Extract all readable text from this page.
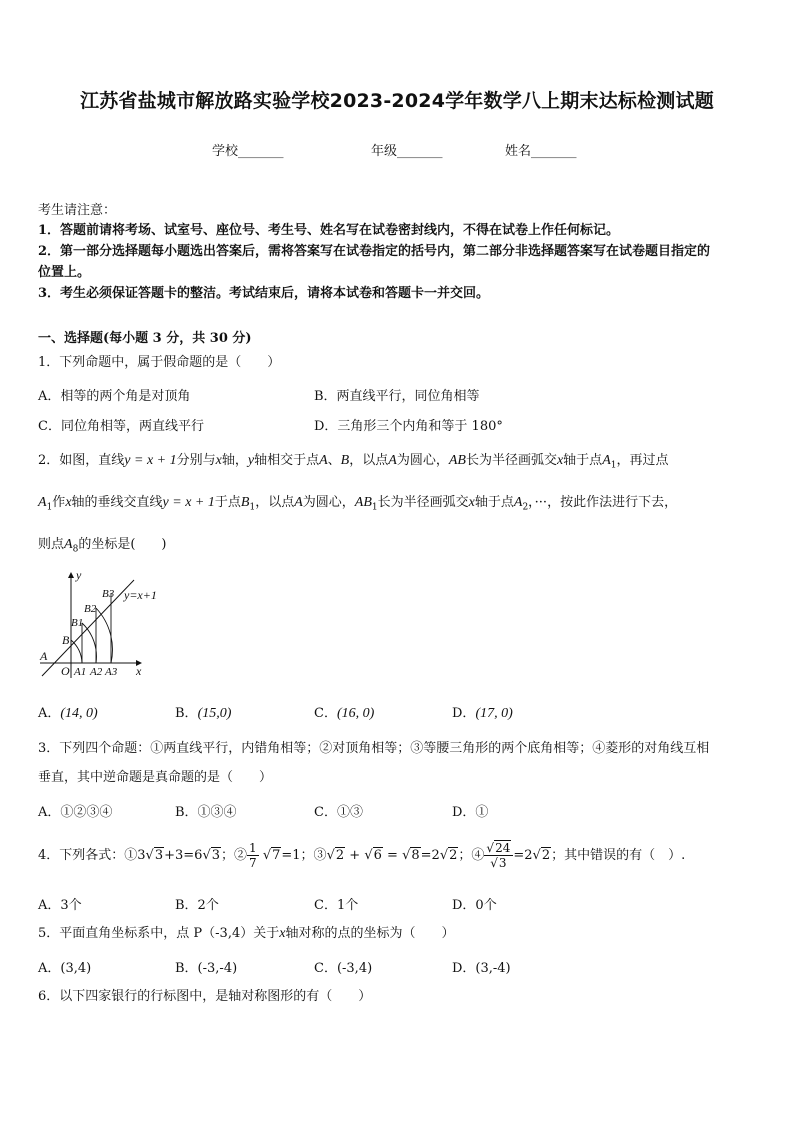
江苏省盐城市解放路实验学校2023-2024学年数学八上期末达标检测试题
学校_______	年级_______	姓名_______
考生请注意：
1．答题前请将考场、试室号、座位号、考生号、姓名写在试卷密封线内，不得在试卷上作任何标记。
2．第一部分选择题每小题选出答案后，需将答案写在试卷指定的括号内，第二部分非选择题答案写在试卷题目指定的
位置上。
3．考生必须保证答题卡的整洁。考试结束后，请将本试卷和答题卡一并交回。
一、选择题(每小题 3 分，共 30 分)
1．下列命题中，属于假命题的是（　　）
A．相等的两个角是对顶角	B．两直线平行，同位角相等
C．同位角相等，两直线平行	D．三角形三个内角和等于 180°
2．如图，直线y = x + 1分别与x轴，y轴相交于点A、B，以点A为圆心，AB长为半径画弧交x轴于点$A_1$，再过点
$A_1$作x轴的垂线交直线y = x + 1于点$B_1$，以点A为圆心，$AB_1$长为半径画弧交x轴于点$A_2$，···，按此作法进行下去，
则点$A_8$的坐标是(　　)
A
O
B
B1
B2
B3
A1 A2 A3 x
y
y=x+1
A．(14, 0)	B．(15,0)	C．(16, 0)	D．(17, 0)
3．下列四个命题：①两直线平行，内错角相等；②对顶角相等；③等腰三角形的两个底角相等；④菱形的对角线互相
垂直，其中逆命题是真命题的是（　　）
A．①②③④	B．①③④	C．①③	D．①
4．下列各式：①3√3+3=6√3；② $\frac{1}{7} √7=1$；③√2 + √6 = √8=2√2；④ $\frac{√24}{√3} =2√2$；其中错误的有（　）.
A．3个	B．2个	C．1个	D．0个
5．平面直角坐标系中，点 P（-3,4）关于x轴对称的点的坐标为（　　）
A．(3,4)	B．(-3,-4)	C．(-3,4)	D．(3,-4)
6．以下四家银行的行标图中，是轴对称图形的有（　　）
